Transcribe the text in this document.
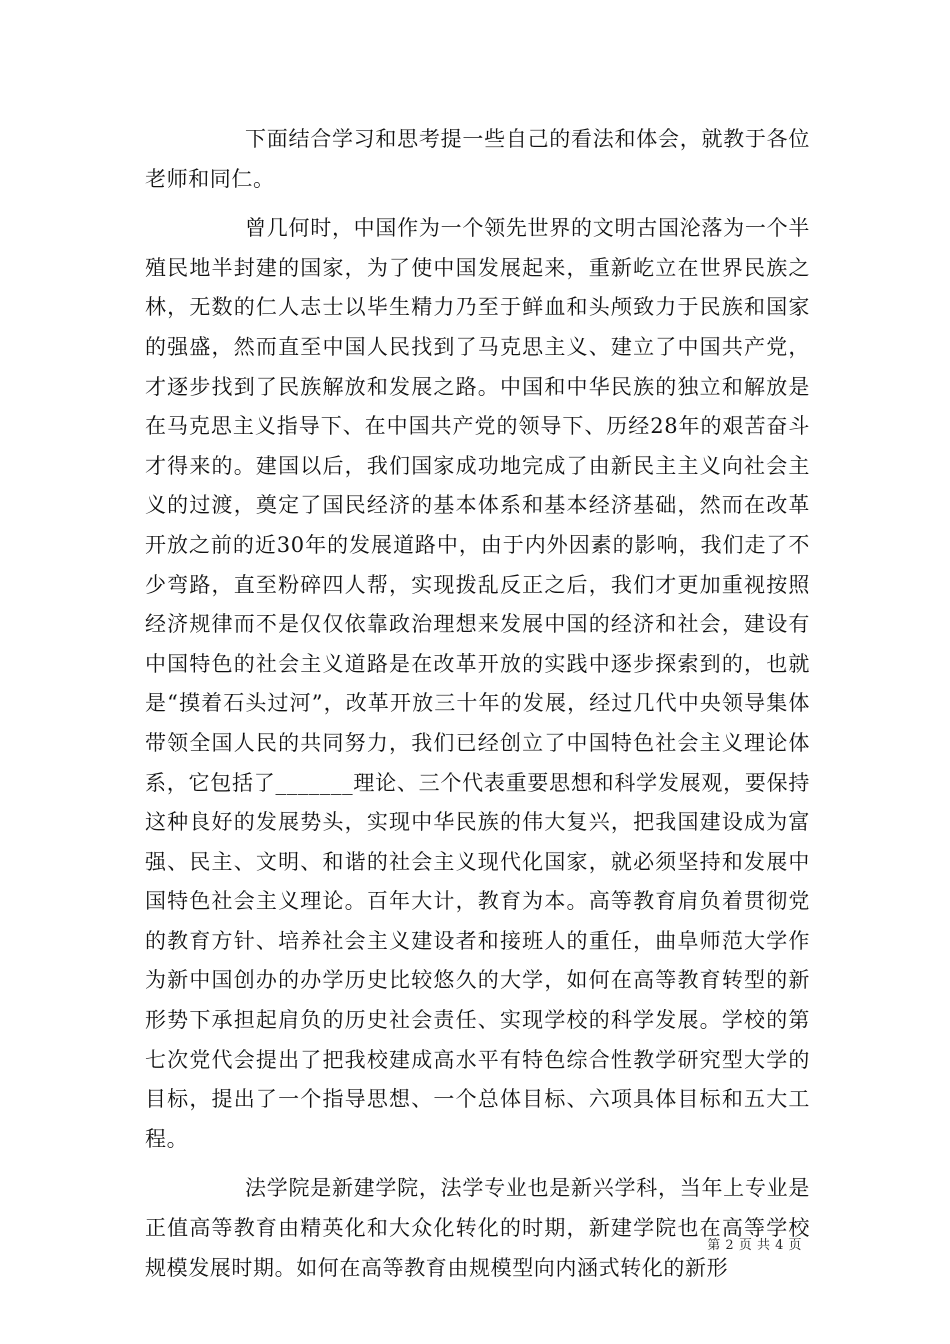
下面结合学习和思考提一些自己的看法和体会，就教于各位老师和同仁。

曾几何时，中国作为一个领先世界的文明古国沦落为一个半殖民地半封建的国家，为了使中国发展起来，重新屹立在世界民族之林，无数的仁人志士以毕生精力乃至于鲜血和头颅致力于民族和国家的强盛，然而直至中国人民找到了马克思主义、建立了中国共产党，才逐步找到了民族解放和发展之路。中国和中华民族的独立和解放是在马克思主义指导下、在中国共产党的领导下、历经28年的艰苦奋斗才得来的。建国以后，我们国家成功地完成了由新民主主义向社会主义的过渡，奠定了国民经济的基本体系和基本经济基础，然而在改革开放之前的近30年的发展道路中，由于内外因素的影响，我们走了不少弯路，直至粉碎四人帮，实现拨乱反正之后，我们才更加重视按照经济规律而不是仅仅依靠政治理想来发展中国的经济和社会，建设有中国特色的社会主义道路是在改革开放的实践中逐步探索到的，也就是“摸着石头过河”，改革开放三十年的发展，经过几代中央领导集体带领全国人民的共同努力，我们已经创立了中国特色社会主义理论体系，它包括了_______理论、三个代表重要思想和科学发展观，要保持这种良好的发展势头，实现中华民族的伟大复兴，把我国建设成为富强、民主、文明、和谐的社会主义现代化国家，就必须坚持和发展中国特色社会主义理论。百年大计，教育为本。高等教育肩负着贯彻党的教育方针、培养社会主义建设者和接班人的重任，曲阜师范大学作为新中国创办的办学历史比较悠久的大学，如何在高等教育转型的新形势下承担起肩负的历史社会责任、实现学校的科学发展。学校的第七次党代会提出了把我校建成高水平有特色综合性教学研究型大学的目标，提出了一个指导思想、一个总体目标、六项具体目标和五大工程。

法学院是新建学院，法学专业也是新兴学科，当年上专业是正值高等教育由精英化和大众化转化的时期，新建学院也在高等学校规模发展时期。如何在高等教育由规模型向内涵式转化的新形

第 2 页 共 4 页
